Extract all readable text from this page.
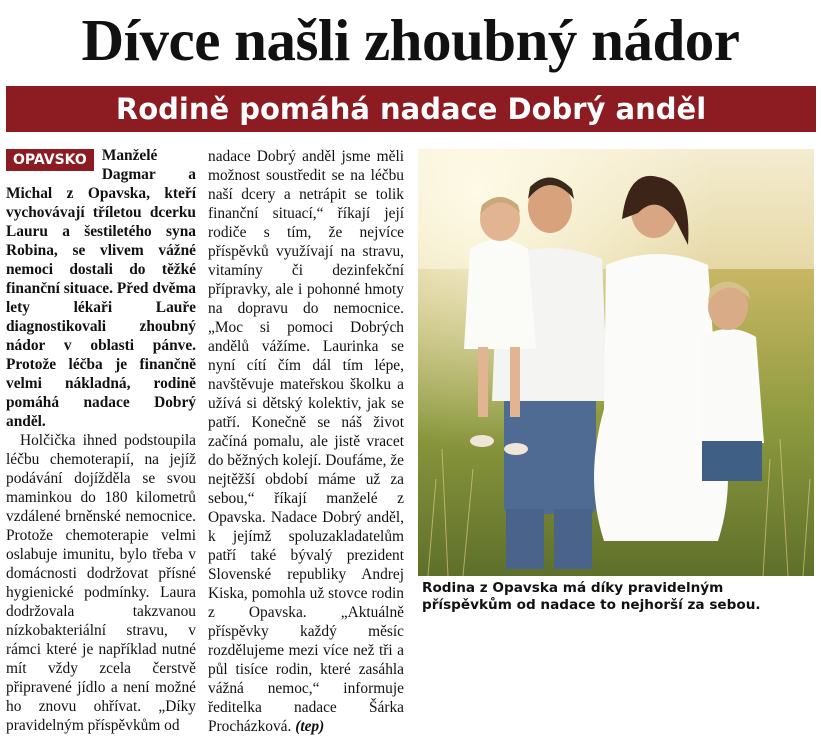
Dívce našli zhoubný nádor
Rodině pomáhá nadace Dobrý anděl

OPAVSKO Manželé Dagmar a Michal z Opavska, kteří vychovávají tříletou dcerku Lauru a šestiletého syna Robina, se vlivem vážné nemoci dostali do těžké finanční situace. Před dvěma lety lékaři Lauře diagnostikovali zhoubný nádor v oblasti pánve. Protože léčba je finančně velmi nákladná, rodině pomáhá nadace Dobrý anděl.

Holčička ihned podstoupila léčbu chemoterapií, na jejíž podávání dojížděla se svou maminkou do 180 kilometrů vzdálené brněnské nemocnice. Protože chemoterapie velmi oslabuje imunitu, bylo třeba v domácnosti dodržovat přísné hygienické podmínky. Laura dodržovala takzvanou nízkobakteriální stravu, v rámci které je například nutné mít vždy zcela čerstvě připravené jídlo a není možné ho znovu ohřívat. „Díky pravidelným příspěvkům od

nadace Dobrý anděl jsme měli možnost soustředit se na léčbu naší dcery a netrápit se tolik finanční situací,“ říkají její rodiče s tím, že nejvíce příspěvků využívají na stravu, vitamíny či dezinfekční přípravky, ale i pohonné hmoty na dopravu do nemocnice. „Moc si pomoci Dobrých andělů vážíme. Laurinka se nyní cítí čím dál tím lépe, navštěvuje mateřskou školku a užívá si dětský kolektiv, jak se patří. Konečně se náš život začíná pomalu, ale jistě vracet do běžných kolejí. Doufáme, že nejtěžší období máme už za sebou,“ říkají manželé z Opavska. Nadace Dobrý anděl, k jejímž spoluzakladatelům patří také bývalý prezident Slovenské republiky Andrej Kiska, pomohla už stovce rodin z Opavska. „Aktuálně příspěvky každý měsíc rozdělujeme mezi více než tři a půl tisíce rodin, které zasáhla vážná nemoc,“ informuje ředitelka nadace Šárka Procházková. (tep)

Rodina z Opavska má díky pravidelným příspěvkům od nadace to nejhorší za sebou.
